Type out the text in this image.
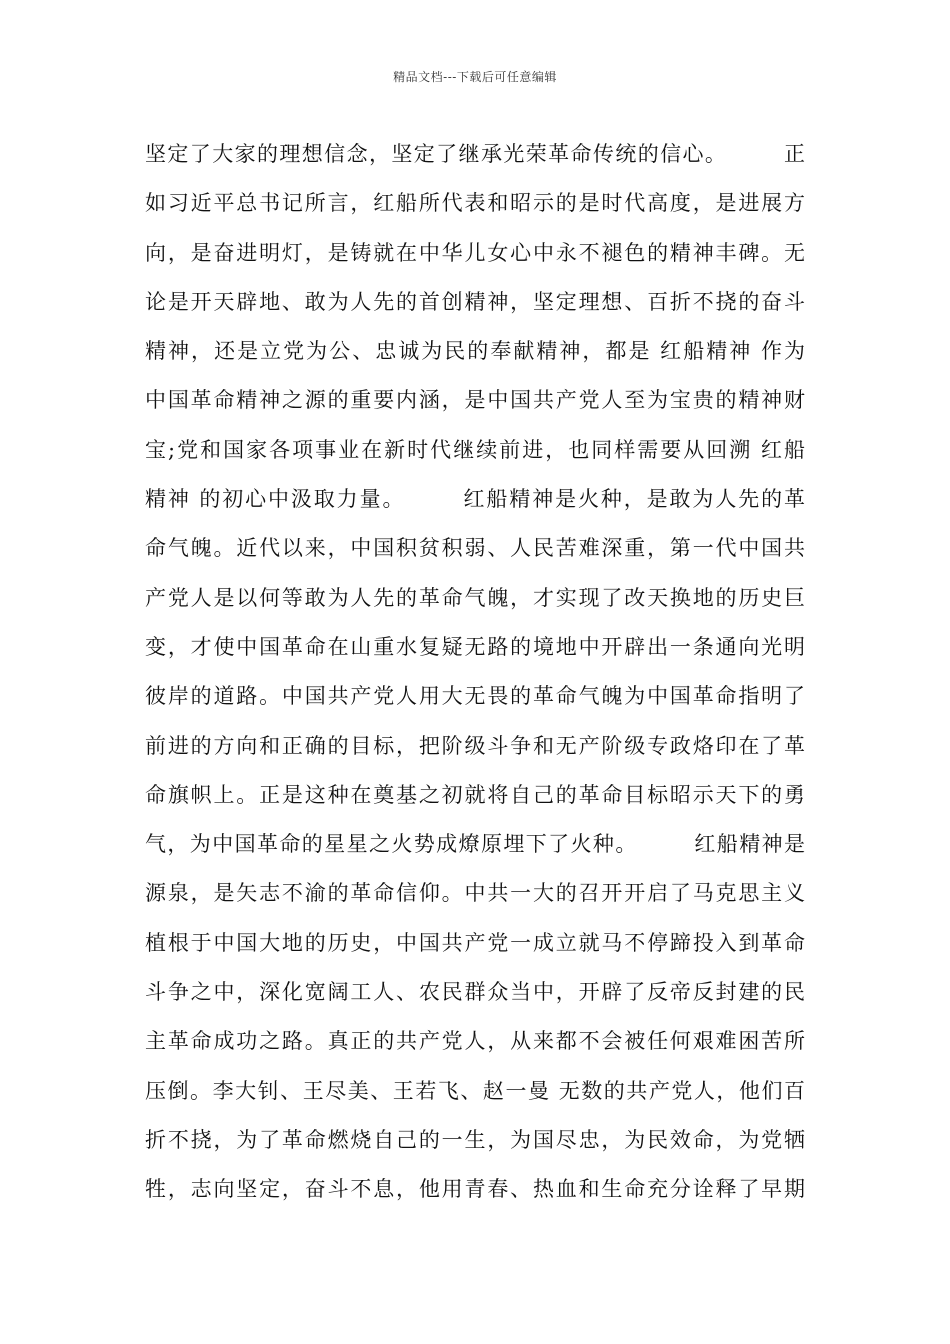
精品文档---下载后可任意编辑
坚定了大家的理想信念，坚定了继承光荣革命传统的信心。　　　正
如习近平总书记所言，红船所代表和昭示的是时代高度，是进展方
向，是奋进明灯，是铸就在中华儿女心中永不褪色的精神丰碑。无
论是开天辟地、敢为人先的首创精神，坚定理想、百折不挠的奋斗
精神，还是立党为公、忠诚为民的奉献精神，都是 红船精神 作为
中国革命精神之源的重要内涵，是中国共产党人至为宝贵的精神财
宝;党和国家各项事业在新时代继续前进，也同样需要从回溯 红船
精神 的初心中汲取力量。　　　红船精神是火种，是敢为人先的革
命气魄。近代以来，中国积贫积弱、人民苦难深重，第一代中国共
产党人是以何等敢为人先的革命气魄，才实现了改天换地的历史巨
变，才使中国革命在山重水复疑无路的境地中开辟出一条通向光明
彼岸的道路。中国共产党人用大无畏的革命气魄为中国革命指明了
前进的方向和正确的目标，把阶级斗争和无产阶级专政烙印在了革
命旗帜上。正是这种在奠基之初就将自己的革命目标昭示天下的勇
气，为中国革命的星星之火势成燎原埋下了火种。　　　红船精神是
源泉，是矢志不渝的革命信仰。中共一大的召开开启了马克思主义
植根于中国大地的历史，中国共产党一成立就马不停蹄投入到革命
斗争之中，深化宽阔工人、农民群众当中，开辟了反帝反封建的民
主革命成功之路。真正的共产党人，从来都不会被任何艰难困苦所
压倒。李大钊、王尽美、王若飞、赵一曼 无数的共产党人，他们百
折不挠，为了革命燃烧自己的一生，为国尽忠，为民效命，为党牺
牲，志向坚定，奋斗不息，他用青春、热血和生命充分诠释了早期
